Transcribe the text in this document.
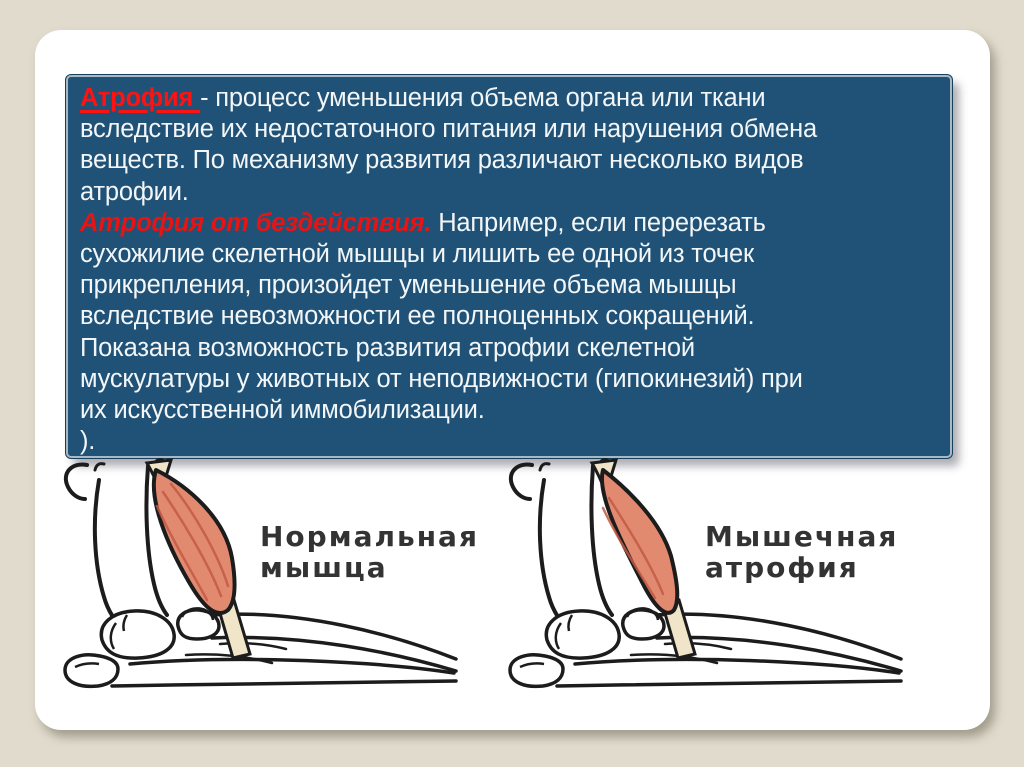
Атрофия - процесс уменьшения объема органа или ткани
вследствие их недостаточного питания или нарушения обмена
веществ. По механизму развития различают несколько видов
атрофии.
Атрофия от бездействия. Например, если перерезать
сухожилие скелетной мышцы и лишить ее одной из точек
прикрепления, произойдет уменьшение объема мышцы
вследствие невозможности ее полноценных сокращений.
Показана возможность развития атрофии скелетной
мускулатуры у животных от неподвижности (гипокинезий) при
их искусственной иммобилизации.
).
Нормальная
мышца
Мышечная
атрофия
